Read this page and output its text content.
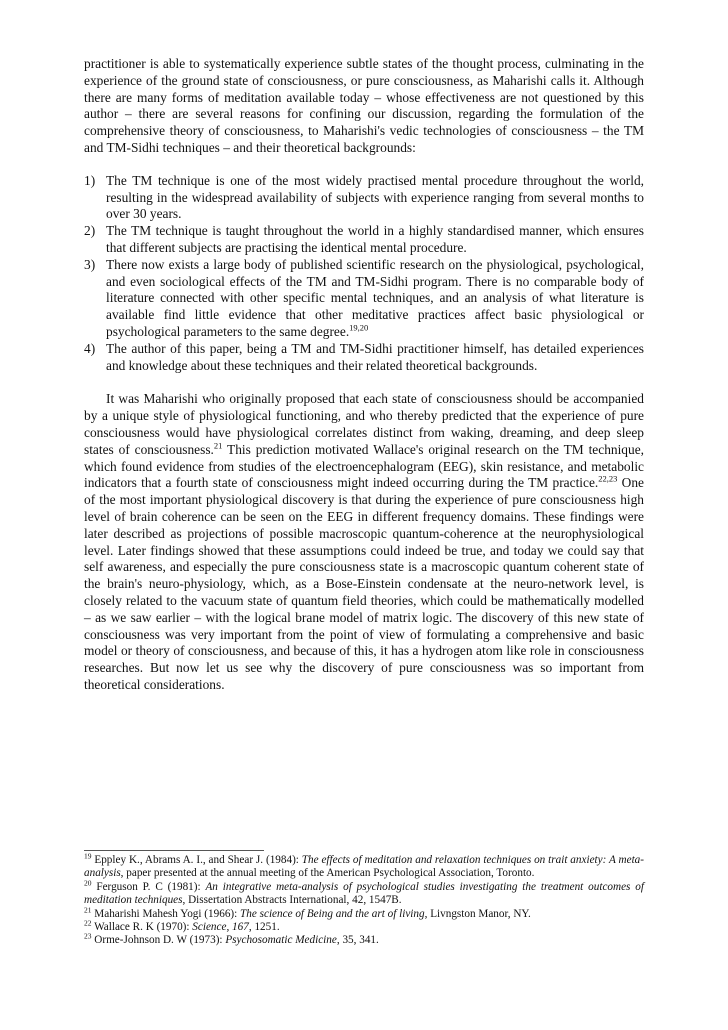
practitioner is able to systematically experience subtle states of the thought process, culminating in the experience of the ground state of consciousness, or pure consciousness, as Maharishi calls it. Although there are many forms of meditation available today – whose effectiveness are not questioned by this author – there are several reasons for confining our discussion, regarding the formulation of the comprehensive theory of consciousness, to Maharishi's vedic technologies of consciousness – the TM and TM-Sidhi techniques – and their theoretical backgrounds:

1) The TM technique is one of the most widely practised mental procedure throughout the world, resulting in the widespread availability of subjects with experience ranging from several months to over 30 years.
2) The TM technique is taught throughout the world in a highly standardised manner, which ensures that different subjects are practising the identical mental procedure.
3) There now exists a large body of published scientific research on the physiological, psychological, and even sociological effects of the TM and TM-Sidhi program. There is no comparable body of literature connected with other specific mental techniques, and an analysis of what literature is available find little evidence that other meditative practices affect basic physiological or psychological parameters to the same degree.$^{19,20}$
4) The author of this paper, being a TM and TM-Sidhi practitioner himself, has detailed experiences and knowledge about these techniques and their related theoretical backgrounds.

It was Maharishi who originally proposed that each state of consciousness should be accompanied by a unique style of physiological functioning, and who thereby predicted that the experience of pure consciousness would have physiological correlates distinct from waking, dreaming, and deep sleep states of consciousness.$^{21}$ This prediction motivated Wallace's original research on the TM technique, which found evidence from studies of the electroencephalogram (EEG), skin resistance, and metabolic indicators that a fourth state of consciousness might indeed occurring during the TM practice.$^{22,23}$ One of the most important physiological discovery is that during the experience of pure consciousness high level of brain coherence can be seen on the EEG in different frequency domains. These findings were later described as projections of possible macroscopic quantum-coherence at the neurophysiological level. Later findings showed that these assumptions could indeed be true, and today we could say that self awareness, and especially the pure consciousness state is a macroscopic quantum coherent state of the brain's neuro-physiology, which, as a Bose-Einstein condensate at the neuro-network level, is closely related to the vacuum state of quantum field theories, which could be mathematically modelled – as we saw earlier – with the logical brane model of matrix logic. The discovery of this new state of consciousness was very important from the point of view of formulating a comprehensive and basic model or theory of consciousness, and because of this, it has a hydrogen atom like role in consciousness researches. But now let us see why the discovery of pure consciousness was so important from theoretical considerations.

$^{19}$ Eppley K., Abrams A. I., and Shear J. (1984): The effects of meditation and relaxation techniques on trait anxiety: A meta-analysis, paper presented at the annual meeting of the American Psychological Association, Toronto.

$^{20}$ Ferguson P. C (1981): An integrative meta-analysis of psychological studies investigating the treatment outcomes of meditation techniques, Dissertation Abstracts International, 42, 1547B.

$^{21}$ Maharishi Mahesh Yogi (1966): The science of Being and the art of living, Livngston Manor, NY.

$^{22}$ Wallace R. K (1970): Science, 167, 1251.

$^{23}$ Orme-Johnson D. W (1973): Psychosomatic Medicine, 35, 341.
